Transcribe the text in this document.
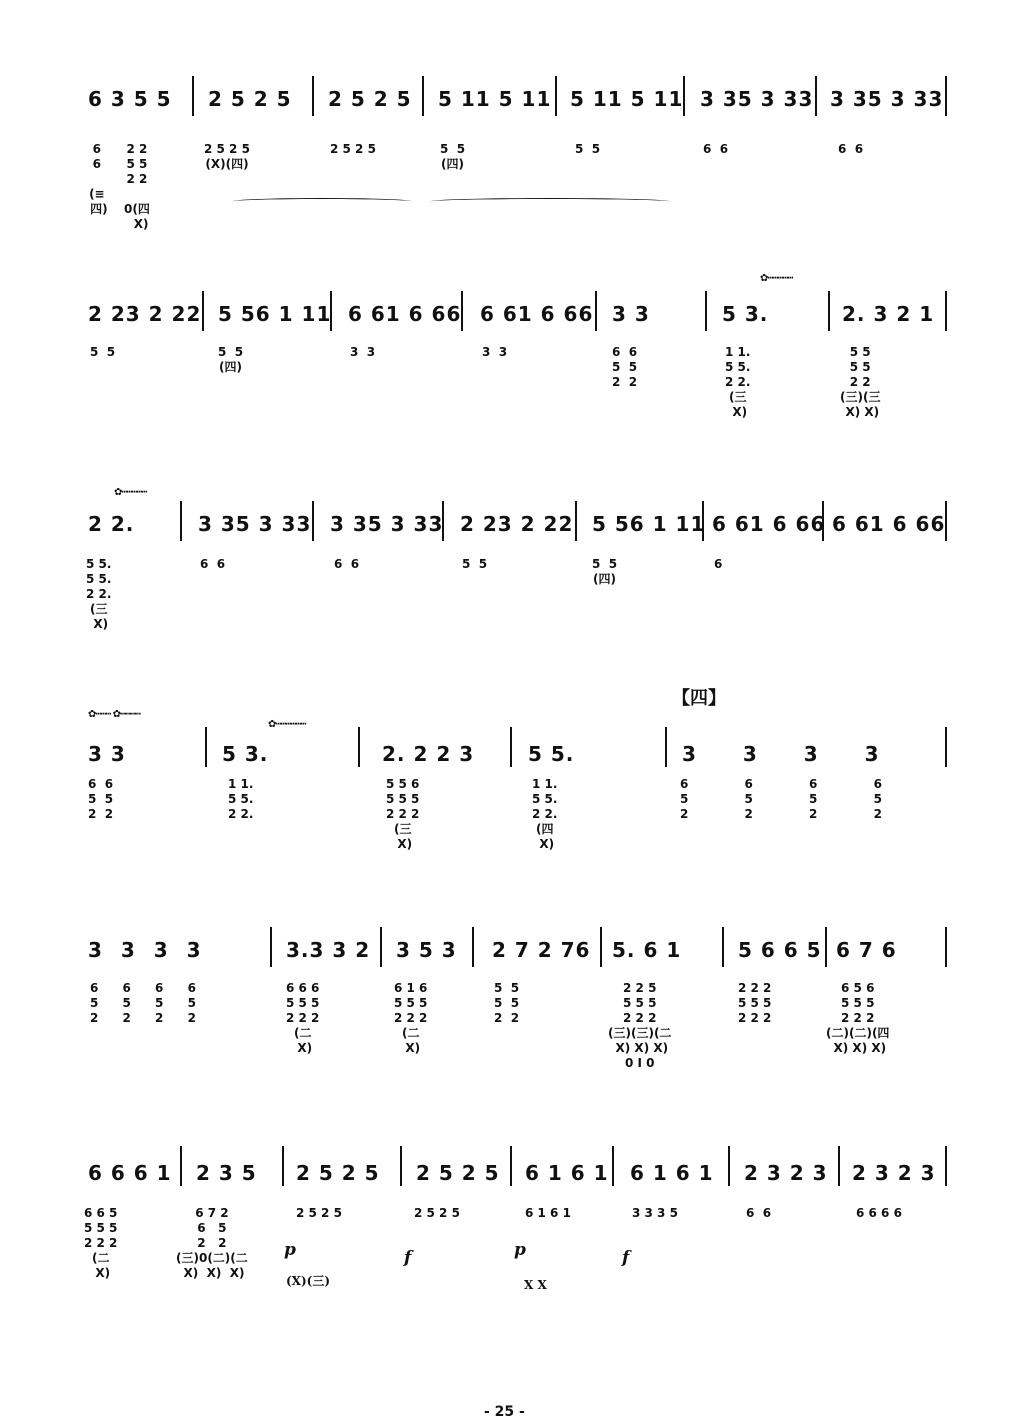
6 3 5 5
6
6

(≡
四)
2 2
5 5
2 2

0(四
X)
2 5 2 5
2 5 2 5
(X)(四)
2 5 2 5
2 5 2 5
5 11 5 11
5  5
(四)
5 11 5 11
5  5
3 35 3 33
6  6
3 35 3 33
6  6
2 23 2 22
5  5
5 56 1 11
5  5
(四)
6 61 6 66
3  3
6 61 6 66
3  3
3 3
6  6
5  5
2  2
5 3.
1 1.
5 5.
2 2.
(三
X)
2. 3 2 1
5 5
5 5
2 2
(三)(三
X) X)
✿┅┅┅┅┅
2 2.
5 5.
5 5.
2 2.
(三
X)
3 35 3 33
6  6
3 35 3 33
6  6
2 23 2 22
5  5
5 56 1 11
5  5
(四)
6 61 6 66
6
6 61 6 66
✿┅┅┅┅┅
【四】
3 3
6  6
5  5
2  2
5 3.
1 1.
5 5.
2 2.
2. 2 2 3
5 5 6
5 5 5
2 2 2
(三
X)
5 5.
1 1.
5 5.
2 2.
(四
X)
3 3 3 3
6 6 6 6
5 5 5 5
2 2 2 2
✿┅┅┅ ✿┅┅┅┅
✿┅┅┅┅┅┅
3 3 3 3
6 6 6 6
5 5 5 5
2 2 2 2
3.3 3 2
6 6 6
5 5 5
2 2 2
(二
X)
3 5 3
6 1 6
5 5 5
2 2 2
(二
X)
2 7 2 76
5  5
5  5
2  2
5. 6 1
2 2 5
5 5 5
2 2 2
(三)(三)(二
X) X) X)
0 I 0
5 6 6 5
2 2 2
5 5 5
2 2 2
6 7 6
6 5 6
5 5 5
2 2 2
(二)(二)(四
X) X) X)
6 6 6 1
6 6 5
5 5 5
2 2 2
(二
X)
2 3 5
6 7 2
6   5
2   2
(三)0(二)(二
X)  X)  X)
2 5 2 5
2 5 2 5
p
(X)(三)
2 5 2 5
2 5 2 5
f
6 1 6 1
6 1 6 1
p
X X
6 1 6 1
3 3 3 5
f
2 3 2 3
6  6
2 3 2 3
6 6 6 6
- 25 -
